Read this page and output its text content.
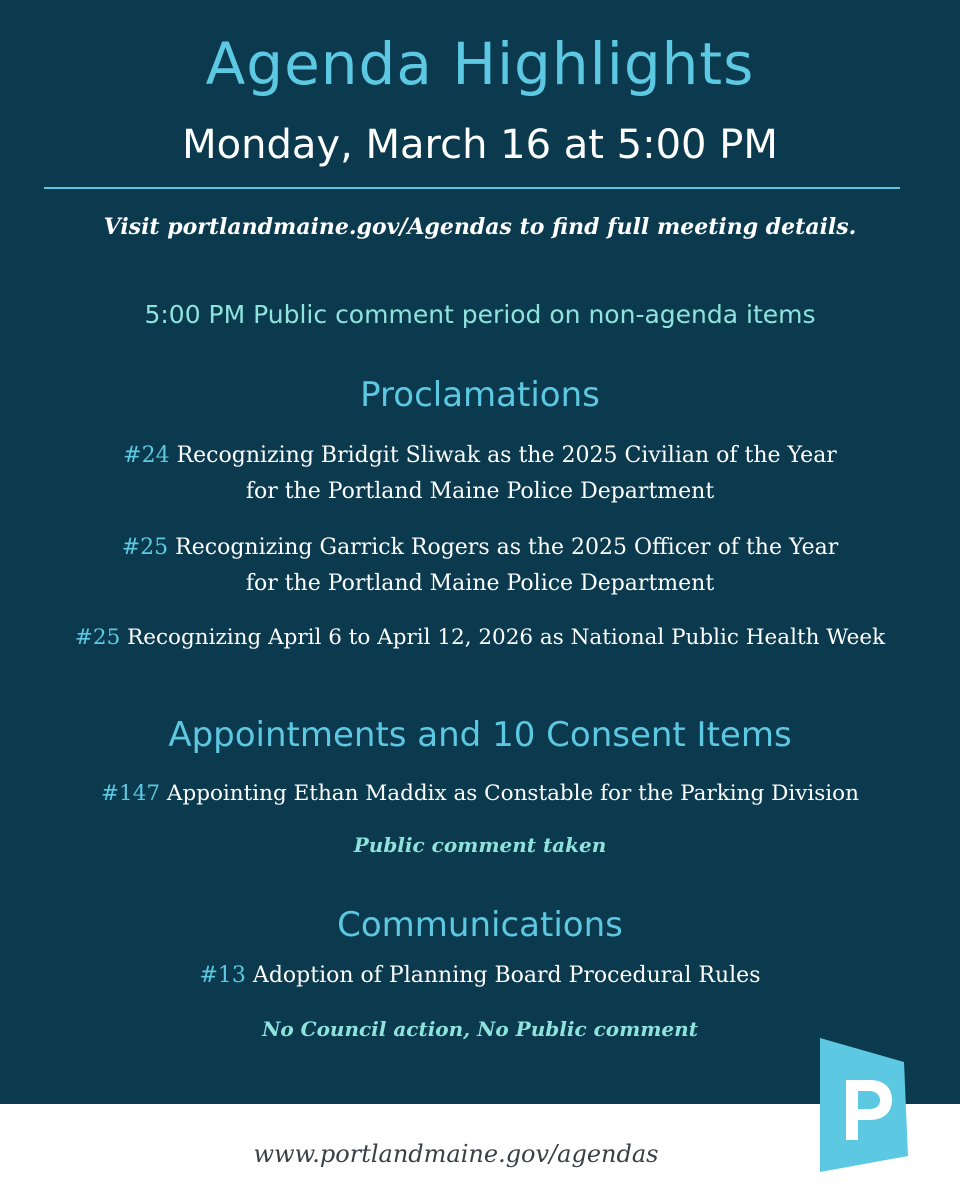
Agenda Highlights
Monday, March 16 at 5:00 PM
Visit portlandmaine.gov/Agendas to find full meeting details.
5:00 PM Public comment period on non-agenda items
Proclamations
#24 Recognizing Bridgit Sliwak as the 2025 Civilian of the Year
for the Portland Maine Police Department
#25 Recognizing Garrick Rogers as the 2025 Officer of the Year
for the Portland Maine Police Department
#25 Recognizing April 6 to April 12, 2026 as National Public Health Week
Appointments and 10 Consent Items
#147 Appointing Ethan Maddix as Constable for the Parking Division
Public comment taken
Communications
#13 Adoption of Planning Board Procedural Rules
No Council action, No Public comment
www.portlandmaine.gov/agendas
